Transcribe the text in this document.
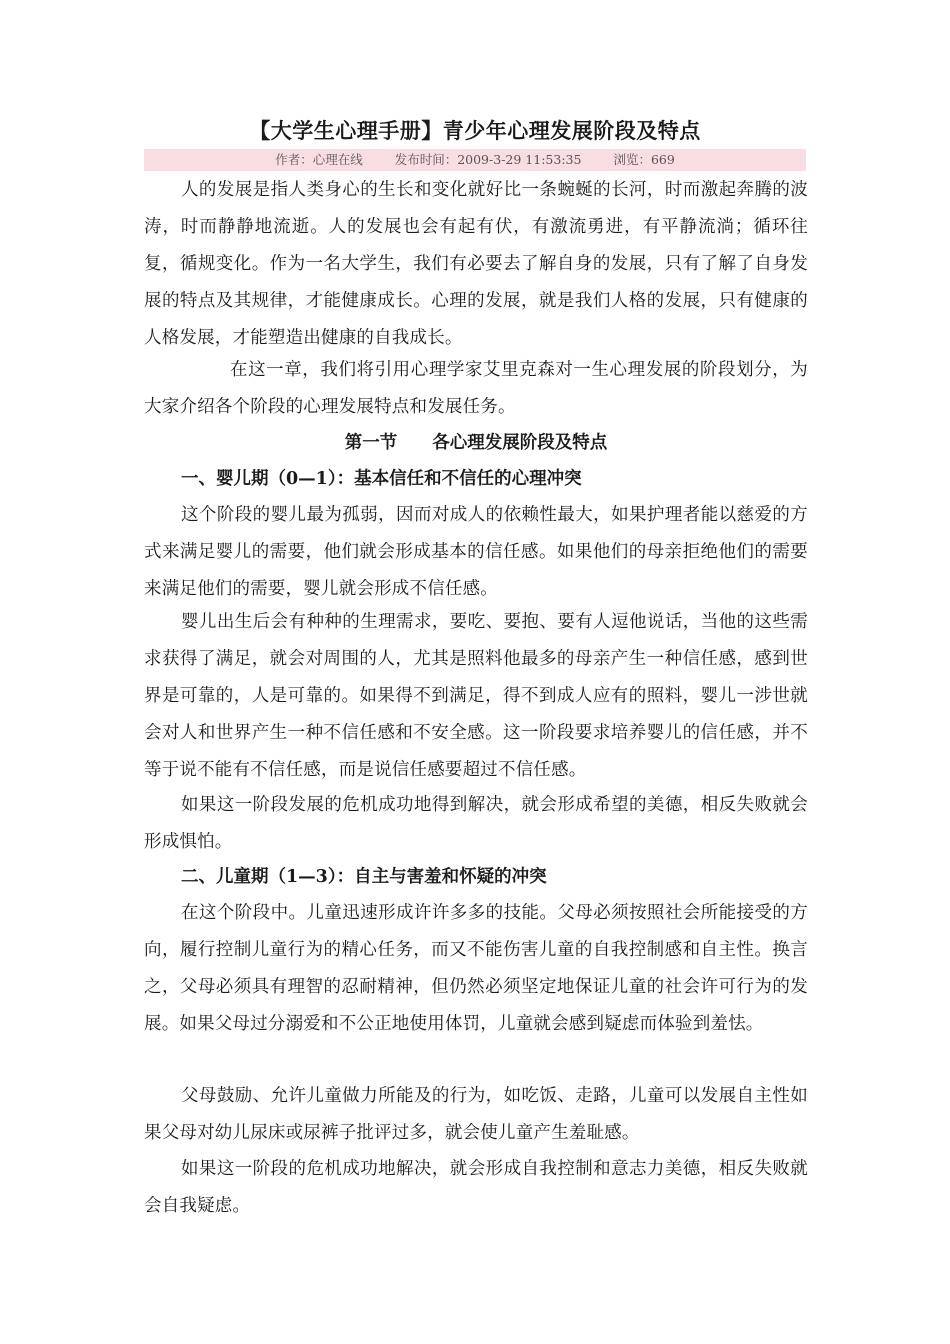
【大学生心理手册】青少年心理发展阶段及特点
作者：心理在线	发布时间：2009-3-29 11:53:35	浏览：669
人的发展是指人类身心的生长和变化就好比一条蜿蜒的长河，时而激起奔腾的波涛，时而静静地流逝。人的发展也会有起有伏，有激流勇进，有平静流淌；循环往复，循规变化。作为一名大学生，我们有必要去了解自身的发展，只有了解了自身发展的特点及其规律，才能健康成长。心理的发展，就是我们人格的发展，只有健康的人格发展，才能塑造出健康的自我成长。
在这一章，我们将引用心理学家艾里克森对一生心理发展的阶段划分，为大家介绍各个阶段的心理发展特点和发展任务。
第一节　　各心理发展阶段及特点
一、婴儿期（0—1）：基本信任和不信任的心理冲突
这个阶段的婴儿最为孤弱，因而对成人的依赖性最大，如果护理者能以慈爱的方式来满足婴儿的需要，他们就会形成基本的信任感。如果他们的母亲拒绝他们的需要来满足他们的需要，婴儿就会形成不信任感。
婴儿出生后会有种种的生理需求，要吃、要抱、要有人逗他说话，当他的这些需求获得了满足，就会对周围的人，尤其是照料他最多的母亲产生一种信任感，感到世界是可靠的，人是可靠的。如果得不到满足，得不到成人应有的照料，婴儿一涉世就会对人和世界产生一种不信任感和不安全感。这一阶段要求培养婴儿的信任感，并不等于说不能有不信任感，而是说信任感要超过不信任感。
如果这一阶段发展的危机成功地得到解决，就会形成希望的美德，相反失败就会形成惧怕。
二、儿童期（1—3）：自主与害羞和怀疑的冲突
在这个阶段中。儿童迅速形成许许多多的技能。父母必须按照社会所能接受的方向，履行控制儿童行为的精心任务，而又不能伤害儿童的自我控制感和自主性。换言之，父母必须具有理智的忍耐精神，但仍然必须坚定地保证儿童的社会许可行为的发展。如果父母过分溺爱和不公正地使用体罚，儿童就会感到疑虑而体验到羞怯。
父母鼓励、允许儿童做力所能及的行为，如吃饭、走路，儿童可以发展自主性如果父母对幼儿尿床或尿裤子批评过多，就会使儿童产生羞耻感。
如果这一阶段的危机成功地解决，就会形成自我控制和意志力美德，相反失败就会自我疑虑。
